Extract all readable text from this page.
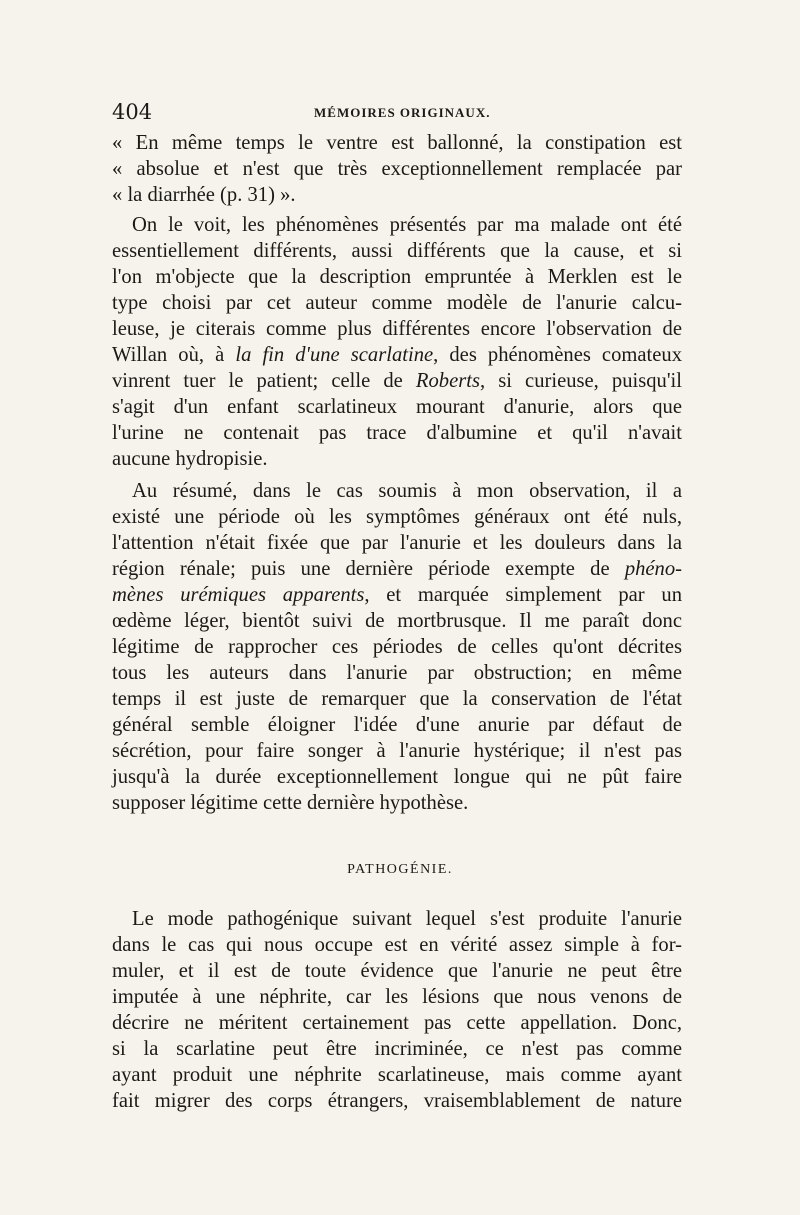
404	MÉMOIRES ORIGINAUX.
« En même temps le ventre est ballonné, la constipation est
« absolue et n'est que très exceptionnellement remplacée par
« la diarrhée (p. 31) ».
On le voit, les phénomènes présentés par ma malade ont été
essentiellement différents, aussi différents que la cause, et si
l'on m'objecte que la description empruntée à Merklen est le
type choisi par cet auteur comme modèle de l'anurie calcu-
leuse, je citerais comme plus différentes encore l'observation de
Willan où, à la fin d'une scarlatine, des phénomènes comateux
vinrent tuer le patient; celle de Roberts, si curieuse, puisqu'il
s'agit d'un enfant scarlatineux mourant d'anurie, alors que
l'urine ne contenait pas trace d'albumine et qu'il n'avait
aucune hydropisie.
Au résumé, dans le cas soumis à mon observation, il a
existé une période où les symptômes généraux ont été nuls,
l'attention n'était fixée que par l'anurie et les douleurs dans la
région rénale; puis une dernière période exempte de phéno-
mènes urémiques apparents, et marquée simplement par un
œdème léger, bientôt suivi de mortbrusque. Il me paraît donc
légitime de rapprocher ces périodes de celles qu'ont décrites
tous les auteurs dans l'anurie par obstruction; en même
temps il est juste de remarquer que la conservation de l'état
général semble éloigner l'idée d'une anurie par défaut de
sécrétion, pour faire songer à l'anurie hystérique; il n'est pas
jusqu'à la durée exceptionnellement longue qui ne pût faire
supposer légitime cette dernière hypothèse.
PATHOGÉNIE.
Le mode pathogénique suivant lequel s'est produite l'anurie
dans le cas qui nous occupe est en vérité assez simple à for-
muler, et il est de toute évidence que l'anurie ne peut être
imputée à une néphrite, car les lésions que nous venons de
décrire ne méritent certainement pas cette appellation. Donc,
si la scarlatine peut être incriminée, ce n'est pas comme
ayant produit une néphrite scarlatineuse, mais comme ayant
fait migrer des corps étrangers, vraisemblablement de nature
